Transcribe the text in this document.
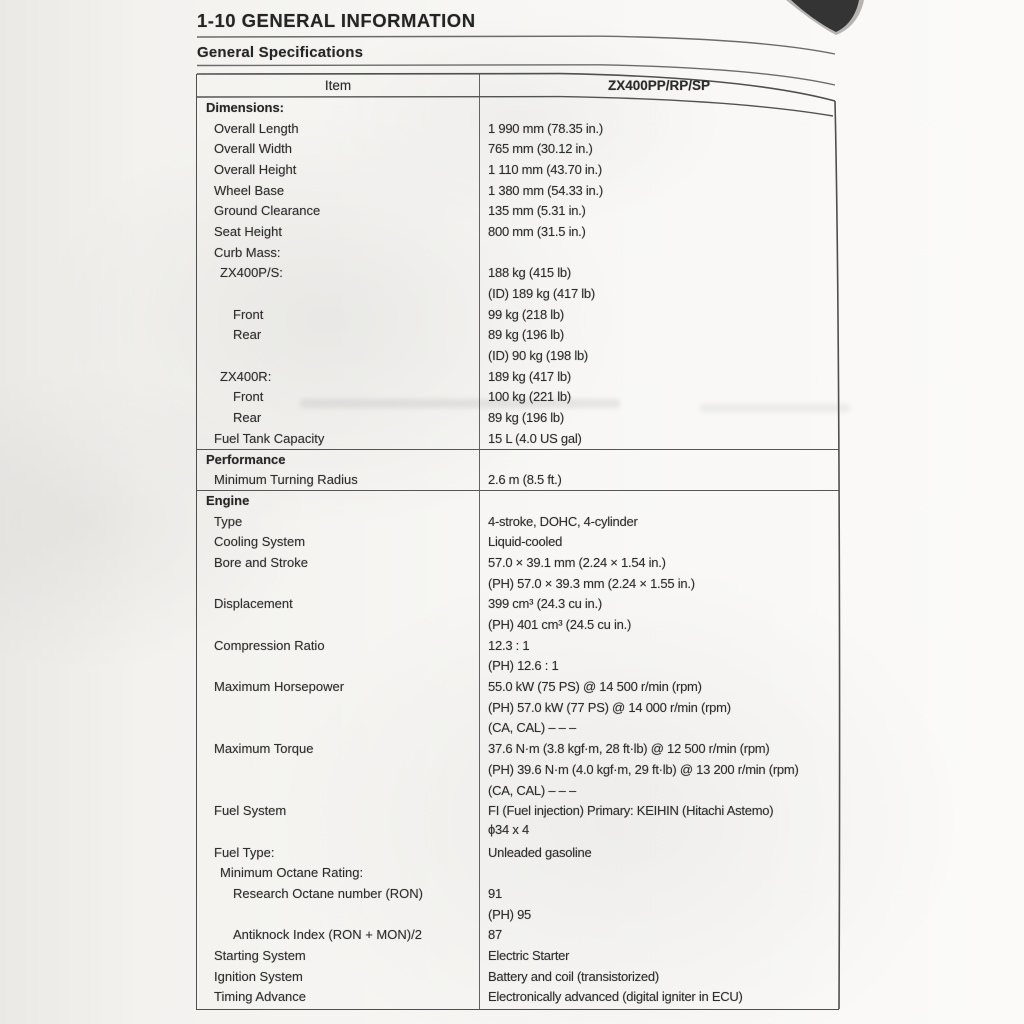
1-10 GENERAL INFORMATION
General Specifications
Item	ZX400PP/RP/SP
Dimensions:
Overall Length	1 990 mm (78.35 in.)
Overall Width	765 mm (30.12 in.)
Overall Height	1 110 mm (43.70 in.)
Wheel Base	1 380 mm (54.33 in.)
Ground Clearance	135 mm (5.31 in.)
Seat Height	800 mm (31.5 in.)
Curb Mass:
ZX400P/S:	188 kg (415 lb)
(ID) 189 kg (417 lb)
Front	99 kg (218 lb)
Rear	89 kg (196 lb)
(ID) 90 kg (198 lb)
ZX400R:	189 kg (417 lb)
Front	100 kg (221 lb)
Rear	89 kg (196 lb)
Fuel Tank Capacity	15 L (4.0 US gal)
Performance
Minimum Turning Radius	2.6 m (8.5 ft.)
Engine
Type	4-stroke, DOHC, 4-cylinder
Cooling System	Liquid-cooled
Bore and Stroke	57.0 × 39.1 mm (2.24 × 1.54 in.)
(PH) 57.0 × 39.3 mm (2.24 × 1.55 in.)
Displacement	399 cm³ (24.3 cu in.)
(PH) 401 cm³ (24.5 cu in.)
Compression Ratio	12.3 : 1
(PH) 12.6 : 1
Maximum Horsepower	55.0 kW (75 PS) @ 14 500 r/min (rpm)
(PH) 57.0 kW (77 PS) @ 14 000 r/min (rpm)
(CA, CAL) – – –
Maximum Torque	37.6 N·m (3.8 kgf·m, 28 ft·lb) @ 12 500 r/min (rpm)
(PH) 39.6 N·m (4.0 kgf·m, 29 ft·lb) @ 13 200 r/min (rpm)
(CA, CAL) – – –
Fuel System	FI (Fuel injection) Primary: KEIHIN (Hitachi Astemo)
ϕ34 x 4
Fuel Type:	Unleaded gasoline
Minimum Octane Rating:
Research Octane number (RON)	91
(PH) 95
Antiknock Index (RON + MON)/2	87
Starting System	Electric Starter
Ignition System	Battery and coil (transistorized)
Timing Advance	Electronically advanced (digital igniter in ECU)
